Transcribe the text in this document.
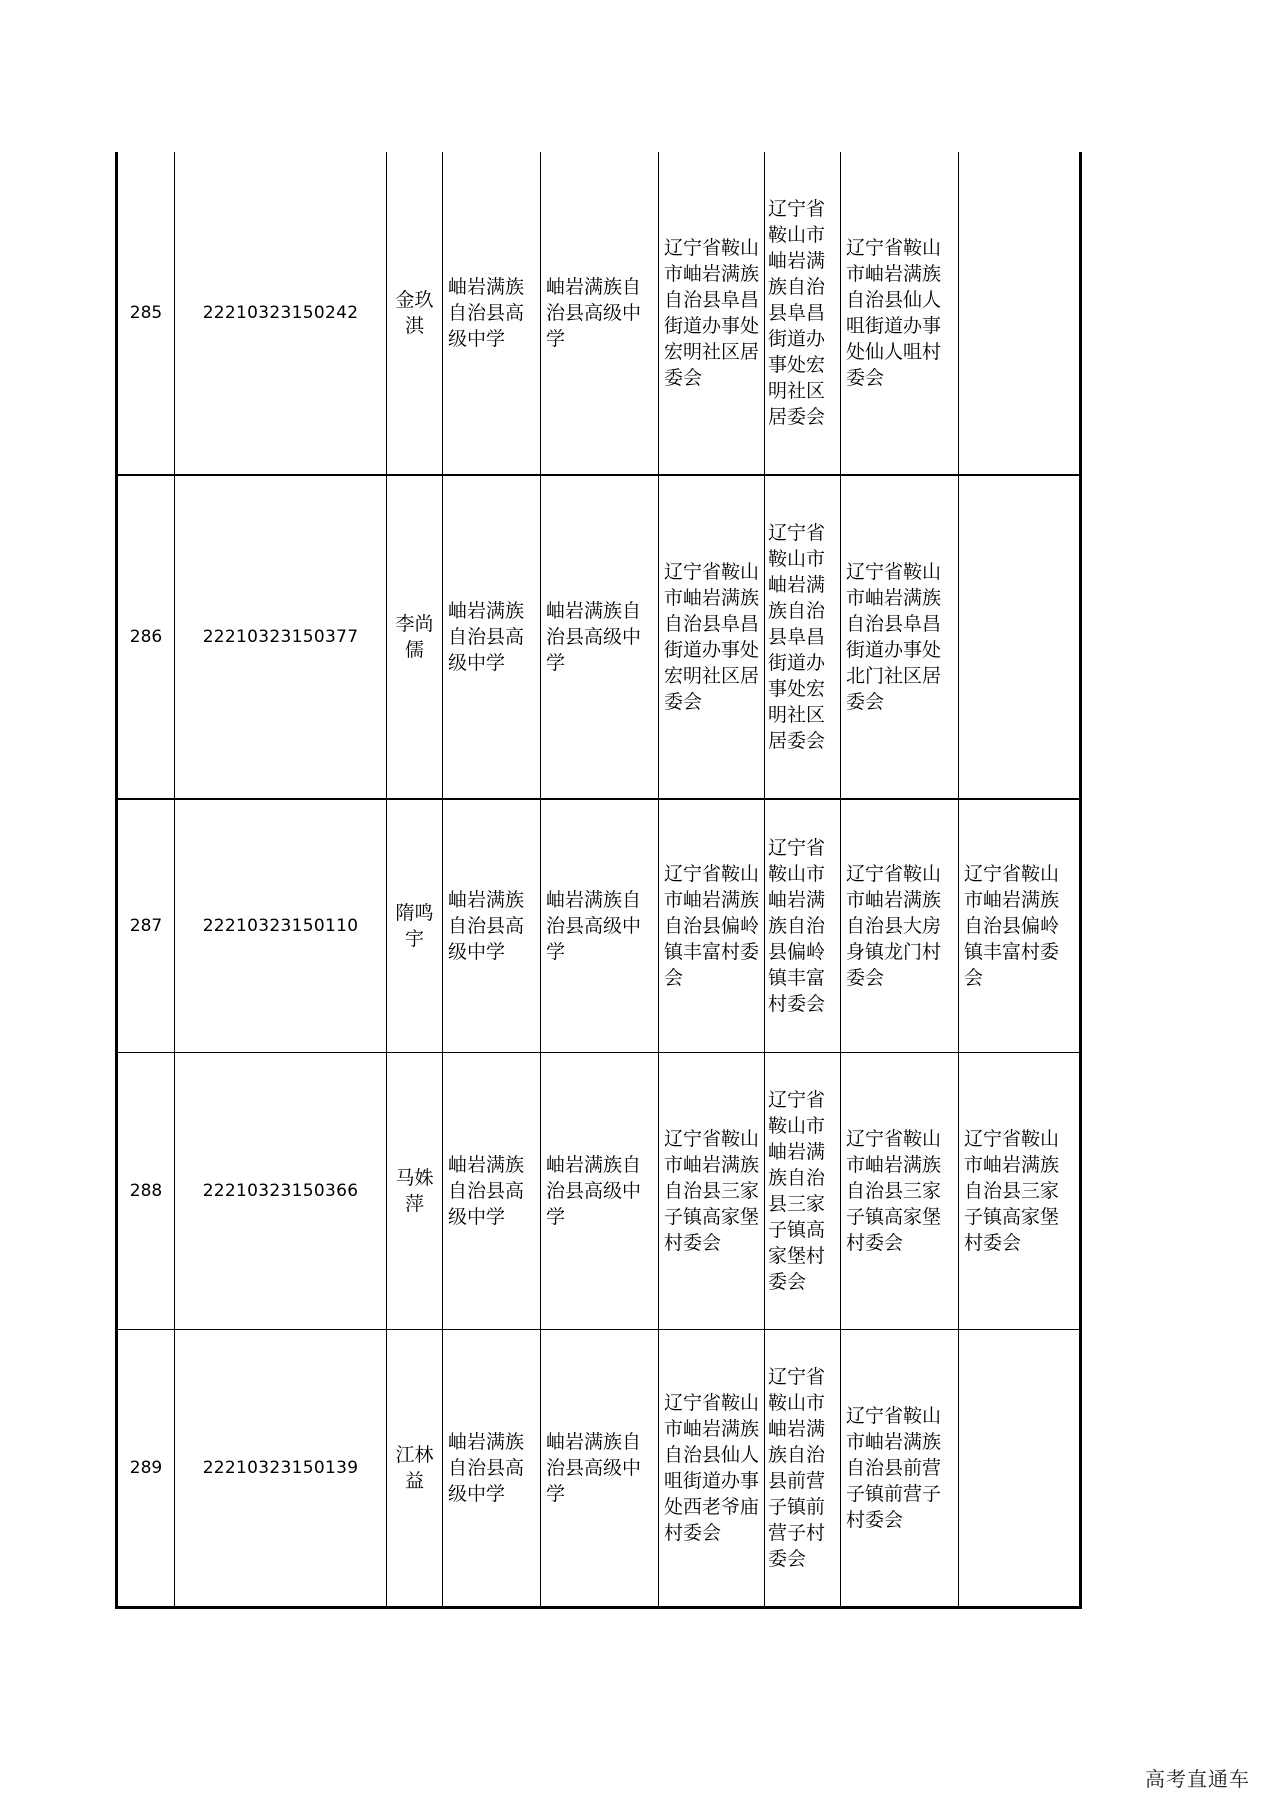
285	22210323150242	金玖淇	岫岩满族自治县高级中学	岫岩满族自治县高级中学	辽宁省鞍山市岫岩满族自治县阜昌街道办事处宏明社区居委会	辽宁省鞍山市岫岩满族自治县阜昌街道办事处宏明社区居委会	辽宁省鞍山市岫岩满族自治县仙人咀街道办事处仙人咀村委会	
286	22210323150377	李尚儒	岫岩满族自治县高级中学	岫岩满族自治县高级中学	辽宁省鞍山市岫岩满族自治县阜昌街道办事处宏明社区居委会	辽宁省鞍山市岫岩满族自治县阜昌街道办事处宏明社区居委会	辽宁省鞍山市岫岩满族自治县阜昌街道办事处北门社区居委会	
287	22210323150110	隋鸣宇	岫岩满族自治县高级中学	岫岩满族自治县高级中学	辽宁省鞍山市岫岩满族自治县偏岭镇丰富村委会	辽宁省鞍山市岫岩满族自治县偏岭镇丰富村委会	辽宁省鞍山市岫岩满族自治县大房身镇龙门村委会	辽宁省鞍山市岫岩满族自治县偏岭镇丰富村委会
288	22210323150366	马姝萍	岫岩满族自治县高级中学	岫岩满族自治县高级中学	辽宁省鞍山市岫岩满族自治县三家子镇高家堡村委会	辽宁省鞍山市岫岩满族自治县三家子镇高家堡村委会	辽宁省鞍山市岫岩满族自治县三家子镇高家堡村委会	辽宁省鞍山市岫岩满族自治县三家子镇高家堡村委会
289	22210323150139	江林益	岫岩满族自治县高级中学	岫岩满族自治县高级中学	辽宁省鞍山市岫岩满族自治县仙人咀街道办事处西老爷庙村委会	辽宁省鞍山市岫岩满族自治县前营子镇前营子村委会	辽宁省鞍山市岫岩满族自治县前营子镇前营子村委会	
高考直通车
